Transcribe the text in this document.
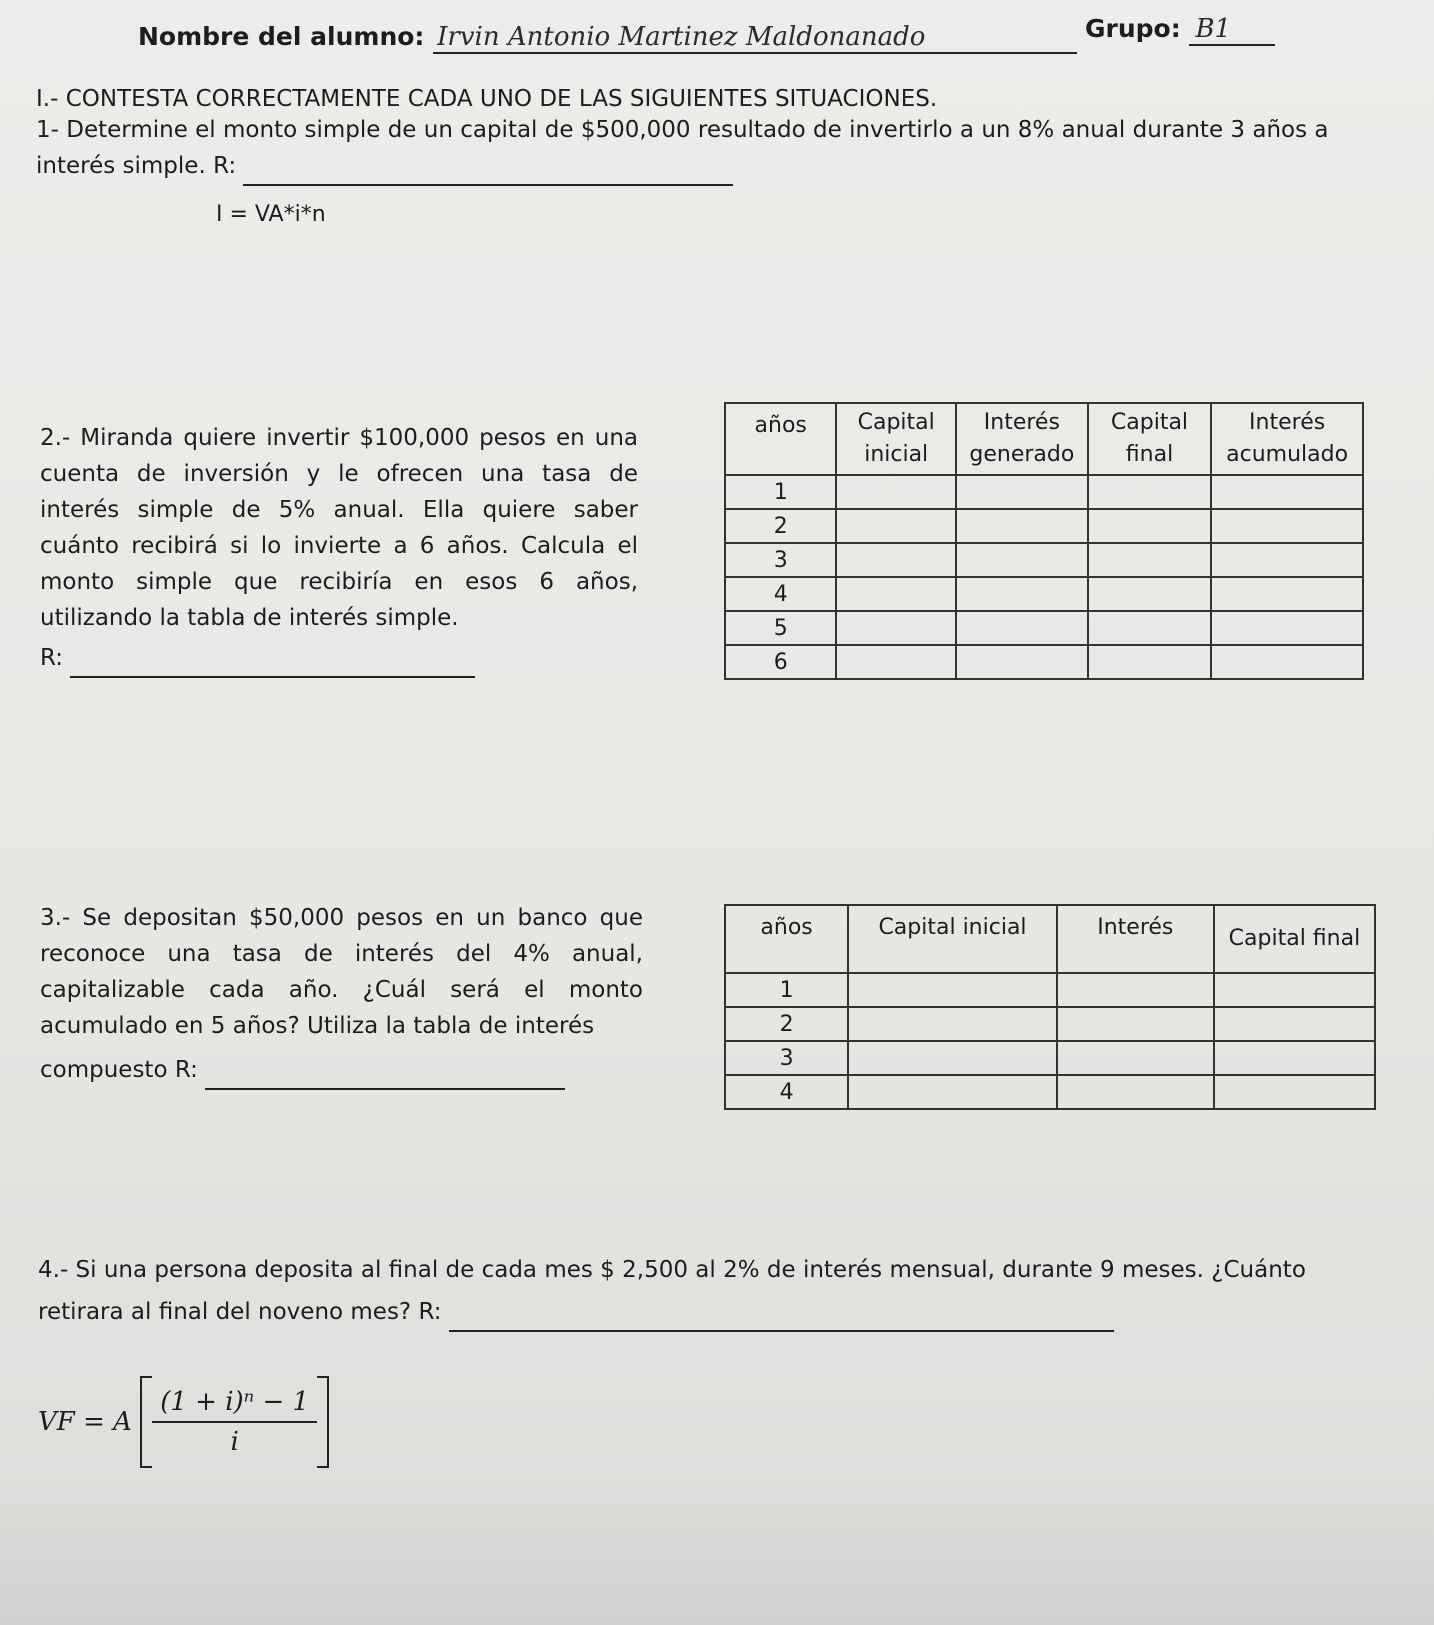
Nombre del alumno: Irvin Antonio Martinez Maldonanado	Grupo: B1
I.- CONTESTA CORRECTAMENTE CADA UNO DE LAS SIGUIENTES SITUACIONES.
1- Determine el monto simple de un capital de $500,000 resultado de invertirlo a un 8% anual durante 3 años a
interés simple. R:
I = VA*i*n
2.- Miranda quiere invertir $100,000 pesos en una cuenta de inversión y le ofrecen una tasa de interés simple de 5% anual. Ella quiere saber cuánto recibirá si lo invierte a 6 años. Calcula el monto simple que recibiría en esos 6 años, utilizando la tabla de interés simple.
R:
años	Capital inicial	Interés generado	Capital final	Interés acumulado
1				
2				
3				
4				
5				
6				
3.- Se depositan $50,000 pesos en un banco que reconoce una tasa de interés del 4% anual, capitalizable cada año. ¿Cuál será el monto acumulado en 5 años? Utiliza la tabla de interés
compuesto R:
años	Capital inicial	Interés	Capital final
1			
2			
3			
4			
4.- Si una persona deposita al final de cada mes $ 2,500 al 2% de interés mensual, durante 9 meses. ¿Cuánto
retirara al final del noveno mes? R:
VF = A $\frac{\text{(1 + i)ⁿ − 1}}{i}$
